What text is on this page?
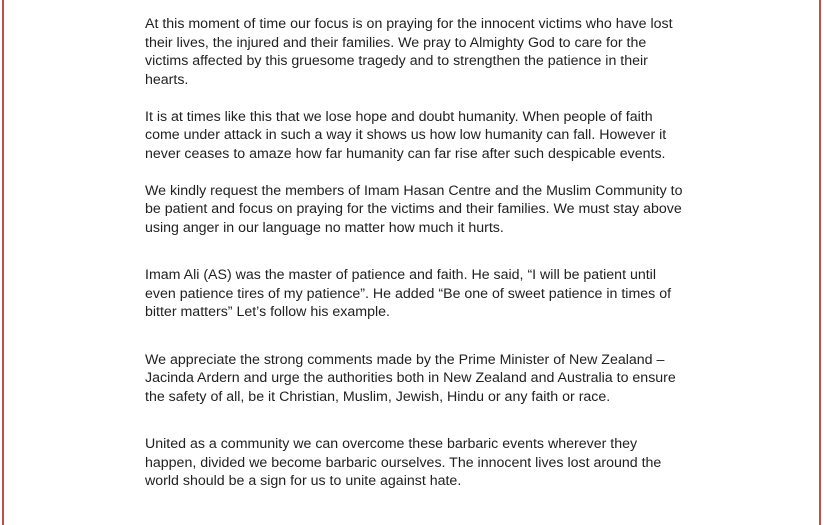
At this moment of time our focus is on praying for the innocent victims who have lost
their lives, the injured and their families. We pray to Almighty God to care for the
victims affected by this gruesome tragedy and to strengthen the patience in their
hearts.

It is at times like this that we lose hope and doubt humanity. When people of faith
come under attack in such a way it shows us how low humanity can fall. However it
never ceases to amaze how far humanity can far rise after such despicable events.

We kindly request the members of Imam Hasan Centre and the Muslim Community to
be patient and focus on praying for the victims and their families. We must stay above
using anger in our language no matter how much it hurts.

Imam Ali (AS) was the master of patience and faith. He said, “I will be patient until
even patience tires of my patience”. He added “Be one of sweet patience in times of
bitter matters” Let’s follow his example.

We appreciate the strong comments made by the Prime Minister of New Zealand –
Jacinda Ardern and urge the authorities both in New Zealand and Australia to ensure
the safety of all, be it Christian, Muslim, Jewish, Hindu or any faith or race.

United as a community we can overcome these barbaric events wherever they
happen, divided we become barbaric ourselves. The innocent lives lost around the
world should be a sign for us to unite against hate.
